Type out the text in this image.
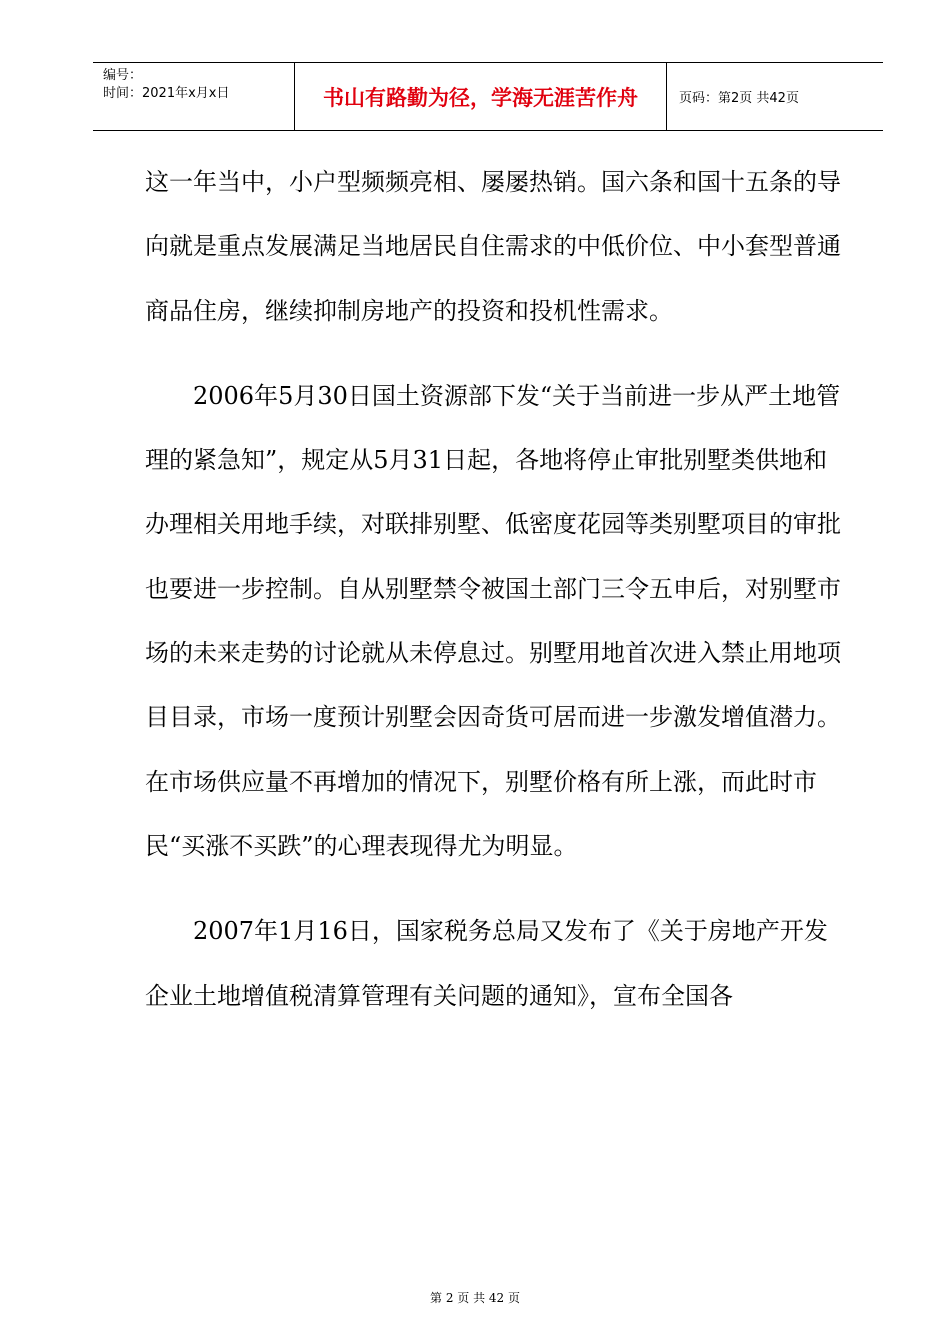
编号：
时间：2021年x月x日	书山有路勤为径，学海无涯苦作舟	页码：第2页 共42页

这一年当中，小户型频频亮相、屡屡热销。国六条和国十五条的导向就是重点发展满足当地居民自住需求的中低价位、中小套型普通商品住房，继续抑制房地产的投资和投机性需求。

2006年5月30日国土资源部下发“关于当前进一步从严土地管理的紧急知”，规定从5月31日起，各地将停止审批别墅类供地和办理相关用地手续，对联排别墅、低密度花园等类别墅项目的审批也要进一步控制。自从别墅禁令被国土部门三令五申后，对别墅市场的未来走势的讨论就从未停息过。别墅用地首次进入禁止用地项目目录，市场一度预计别墅会因奇货可居而进一步激发增值潜力。在市场供应量不再增加的情况下，别墅价格有所上涨，而此时市民“买涨不买跌”的心理表现得尤为明显。

2007年1月16日，国家税务总局又发布了《关于房地产开发企业土地增值税清算管理有关问题的通知》，宣布全国各

第 2 页 共 42 页
